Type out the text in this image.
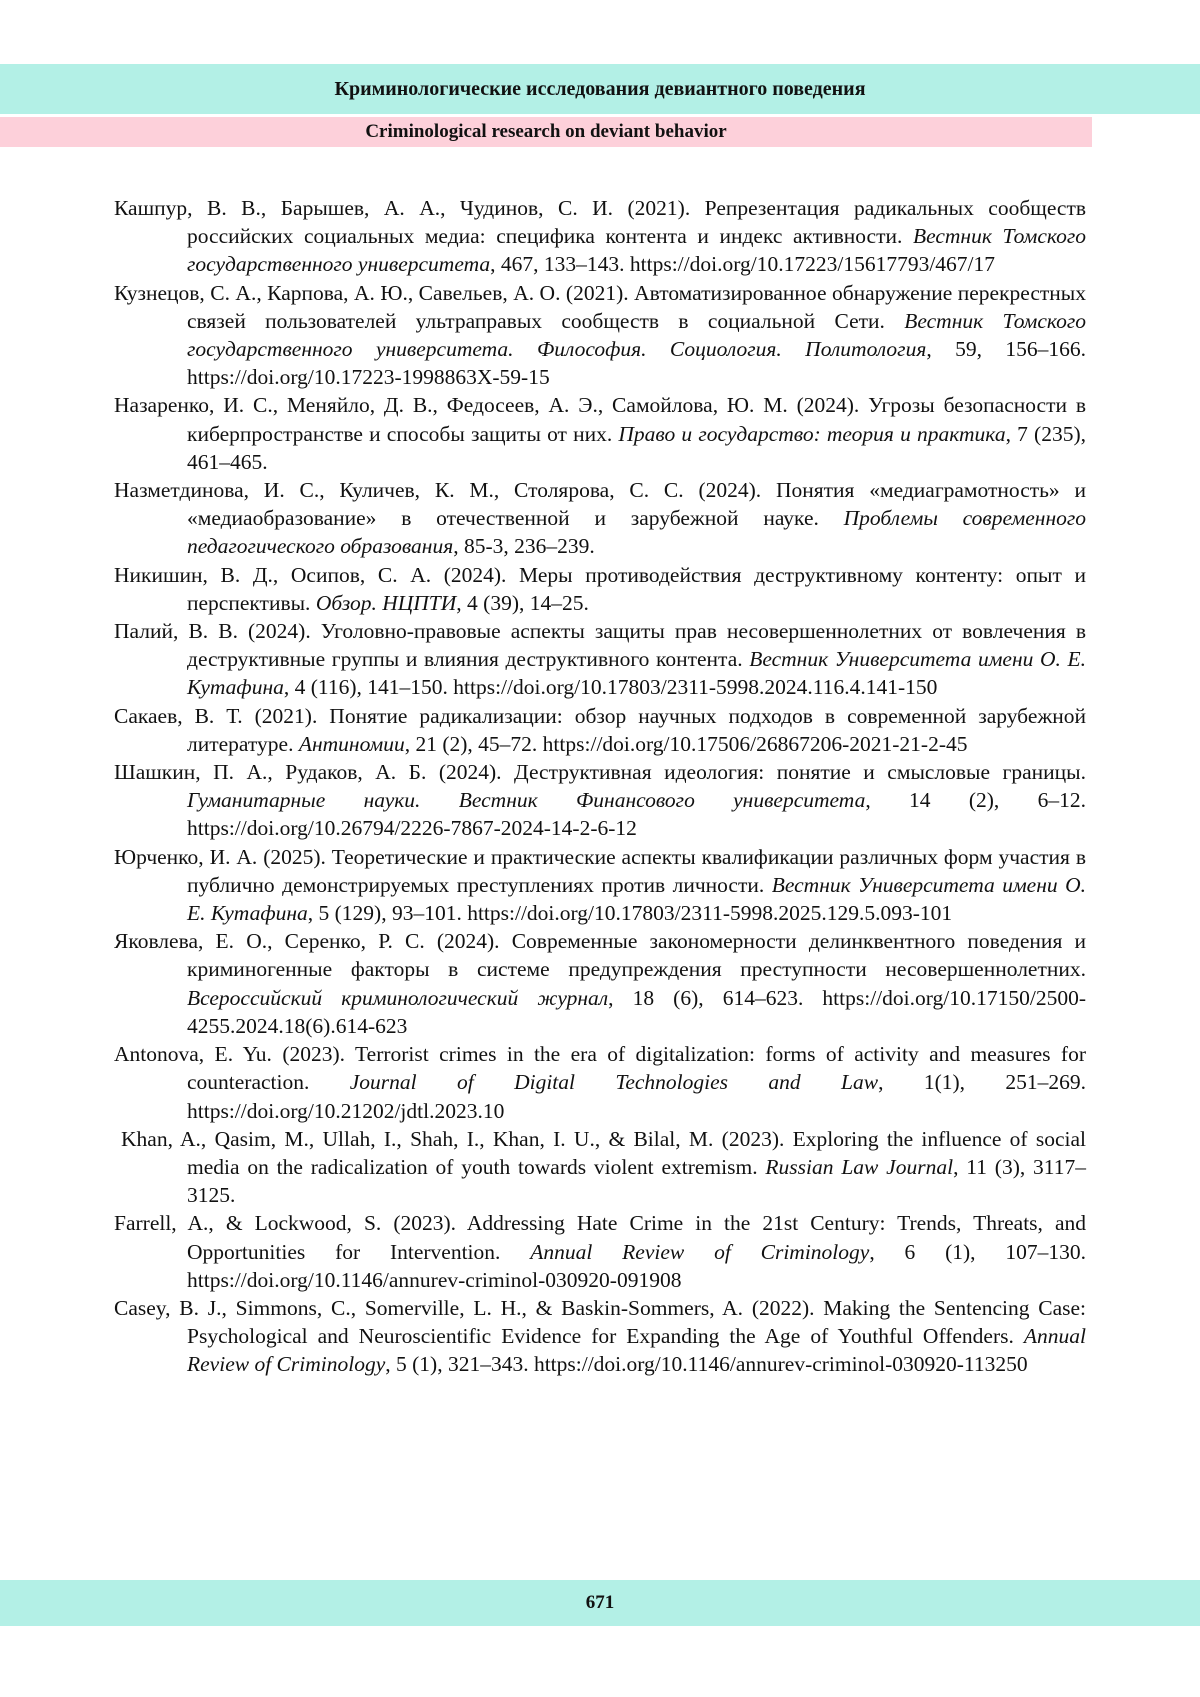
Криминологические исследования девиантного поведения
Criminological research on deviant behavior
Кашпур, В. В., Барышев, А. А., Чудинов, С. И. (2021). Репрезентация радикальных сообществ российских социальных медиа: специфика контента и индекс активности. Вестник Томского государственного университета, 467, 133–143. https://doi.org/10.17223/15617793/467/17
Кузнецов, С. А., Карпова, А. Ю., Савельев, А. О. (2021). Автоматизированное обнаружение перекрестных связей пользователей ультраправых сообществ в социальной Сети. Вестник Томского государственного университета. Философия. Социология. Политология, 59, 156–166. https://doi.org/10.17223-1998863X-59-15
Назаренко, И. С., Меняйло, Д. В., Федосеев, А. Э., Самойлова, Ю. М. (2024). Угрозы безопасности в киберпространстве и способы защиты от них. Право и государство: теория и практика, 7 (235), 461–465.
Назметдинова, И. С., Куличев, К. М., Столярова, С. С. (2024). Понятия «медиаграмотность» и «медиаобразование» в отечественной и зарубежной науке. Проблемы современного педагогического образования, 85-3, 236–239.
Никишин, В. Д., Осипов, С. А. (2024). Меры противодействия деструктивному контенту: опыт и перспективы. Обзор. НЦПТИ, 4 (39), 14–25.
Палий, В. В. (2024). Уголовно-правовые аспекты защиты прав несовершеннолетних от вовлечения в деструктивные группы и влияния деструктивного контента. Вестник Университета имени О. Е. Кутафина, 4 (116), 141–150. https://doi.org/10.17803/2311-5998.2024.116.4.141-150
Сакаев, В. Т. (2021). Понятие радикализации: обзор научных подходов в современной зарубежной литературе. Антиномии, 21 (2), 45–72. https://doi.org/10.17506/26867206-2021-21-2-45
Шашкин, П. А., Рудаков, А. Б. (2024). Деструктивная идеология: понятие и смысловые границы. Гуманитарные науки. Вестник Финансового университета, 14 (2), 6–12. https://doi.org/10.26794/2226-7867-2024-14-2-6-12
Юрченко, И. А. (2025). Теоретические и практические аспекты квалификации различных форм участия в публично демонстрируемых преступлениях против личности. Вестник Университета имени О. Е. Кутафина, 5 (129), 93–101. https://doi.org/10.17803/2311-5998.2025.129.5.093-101
Яковлева, Е. О., Серенко, Р. С. (2024). Современные закономерности делинквентного поведения и криминогенные факторы в системе предупреждения преступности несовершеннолетних. Всероссийский криминологический журнал, 18 (6), 614–623. https://doi.org/10.17150/2500-4255.2024.18(6).614-623
Antonova, E. Yu. (2023). Terrorist crimes in the era of digitalization: forms of activity and measures for counteraction. Journal of Digital Technologies and Law, 1(1), 251–269. https://doi.org/10.21202/jdtl.2023.10
Khan, A., Qasim, M., Ullah, I., Shah, I., Khan, I. U., & Bilal, M. (2023). Exploring the influence of social media on the radicalization of youth towards violent extremism. Russian Law Journal, 11 (3), 3117–3125.
Farrell, A., & Lockwood, S. (2023). Addressing Hate Crime in the 21st Century: Trends, Threats, and Opportunities for Intervention. Annual Review of Criminology, 6 (1), 107–130. https://doi.org/10.1146/annurev-criminol-030920-091908
Casey, B. J., Simmons, C., Somerville, L. H., & Baskin-Sommers, A. (2022). Making the Sentencing Case: Psychological and Neuroscientific Evidence for Expanding the Age of Youthful Offenders. Annual Review of Criminology, 5 (1), 321–343. https://doi.org/10.1146/annurev-criminol-030920-113250
671
